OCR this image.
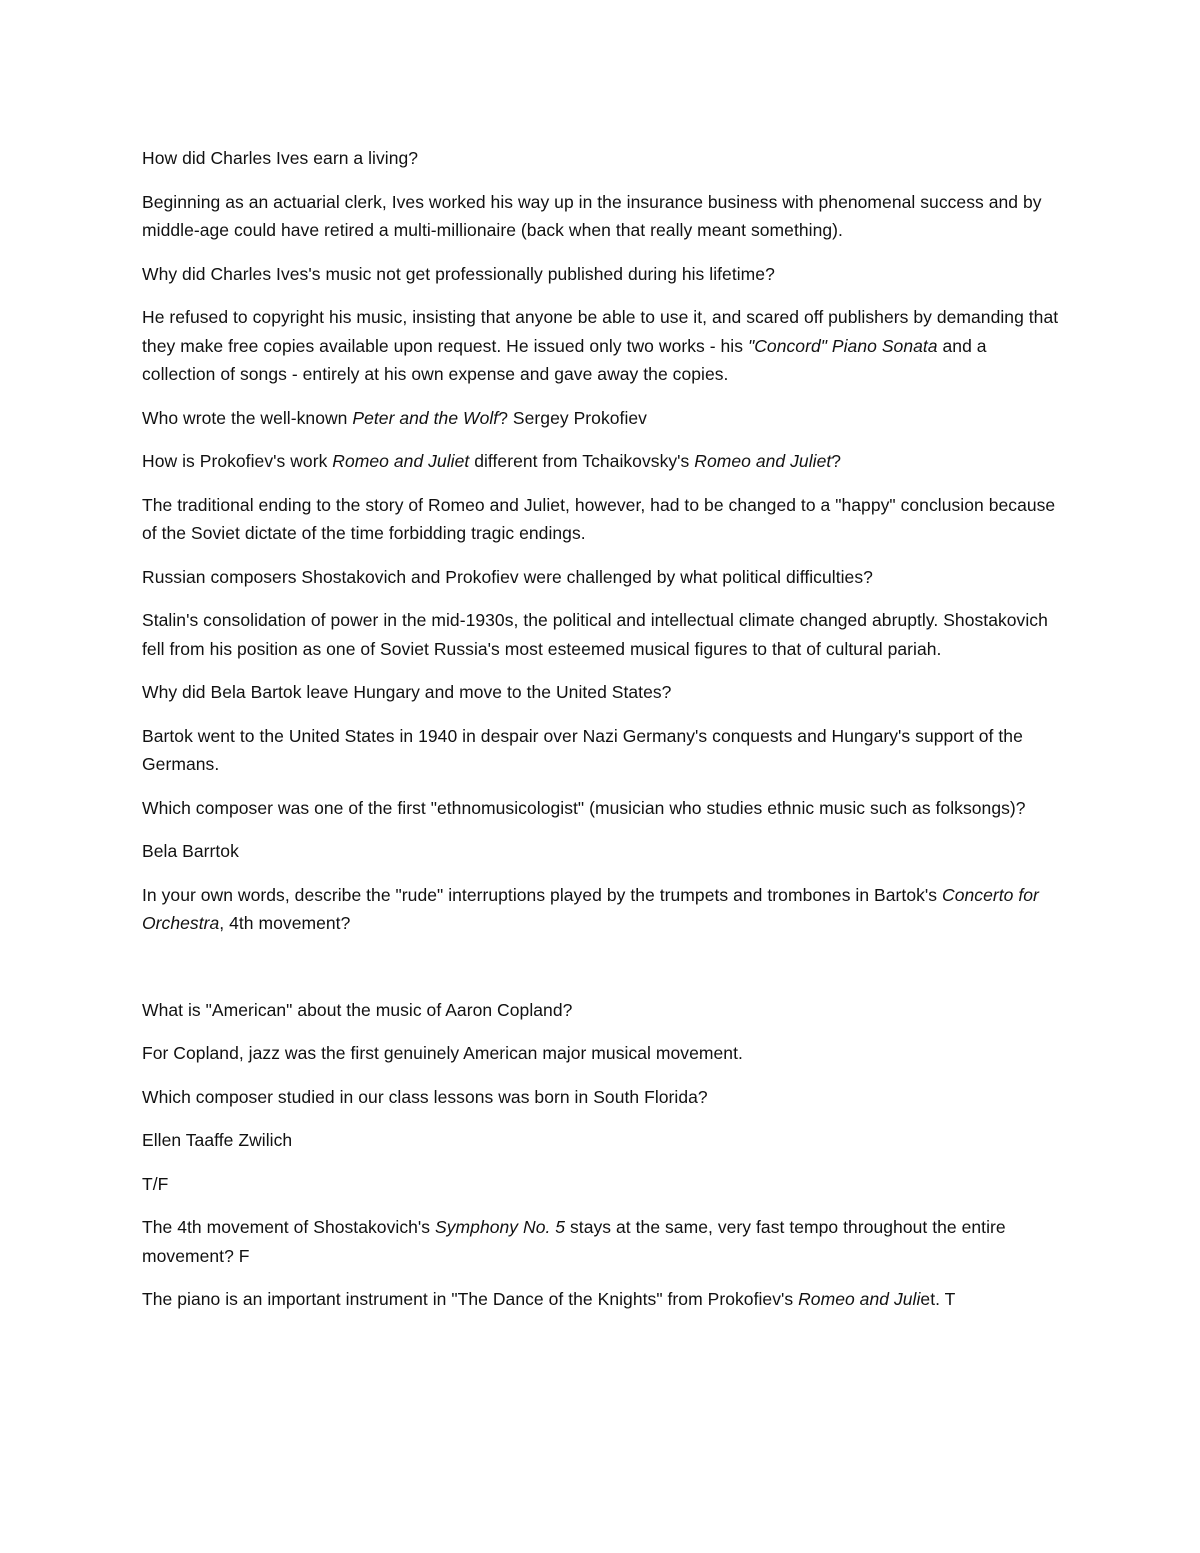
How did Charles Ives earn a living?

Beginning as an actuarial clerk, Ives worked his way up in the insurance business with phenomenal success and by middle-age could have retired a multi-millionaire (back when that really meant something).

Why did Charles Ives's music not get professionally published during his lifetime?

He refused to copyright his music, insisting that anyone be able to use it, and scared off publishers by demanding that they make free copies available upon request. He issued only two works - his "Concord" Piano Sonata and a collection of songs - entirely at his own expense and gave away the copies.

Who wrote the well-known Peter and the Wolf? Sergey Prokofiev

How is Prokofiev's work Romeo and Juliet different from Tchaikovsky's Romeo and Juliet?

The traditional ending to the story of Romeo and Juliet, however, had to be changed to a "happy" conclusion because of the Soviet dictate of the time forbidding tragic endings.

Russian composers Shostakovich and Prokofiev were challenged by what political difficulties?

Stalin's consolidation of power in the mid-1930s, the political and intellectual climate changed abruptly. Shostakovich fell from his position as one of Soviet Russia's most esteemed musical figures to that of cultural pariah.

Why did Bela Bartok leave Hungary and move to the United States?

Bartok went to the United States in 1940 in despair over Nazi Germany's conquests and Hungary's support of the Germans.

Which composer was one of the first "ethnomusicologist" (musician who studies ethnic music such as folksongs)?

Bela Barrtok

In your own words, describe the "rude" interruptions played by the trumpets and trombones in Bartok's Concerto for Orchestra, 4th movement?

What is "American" about the music of Aaron Copland?

For Copland, jazz was the first genuinely American major musical movement.

Which composer studied in our class lessons was born in South Florida?

Ellen Taaffe Zwilich

T/F

The 4th movement of Shostakovich's Symphony No. 5 stays at the same, very fast tempo throughout the entire movement? F

The piano is an important instrument in "The Dance of the Knights" from Prokofiev's Romeo and Juliet. T
